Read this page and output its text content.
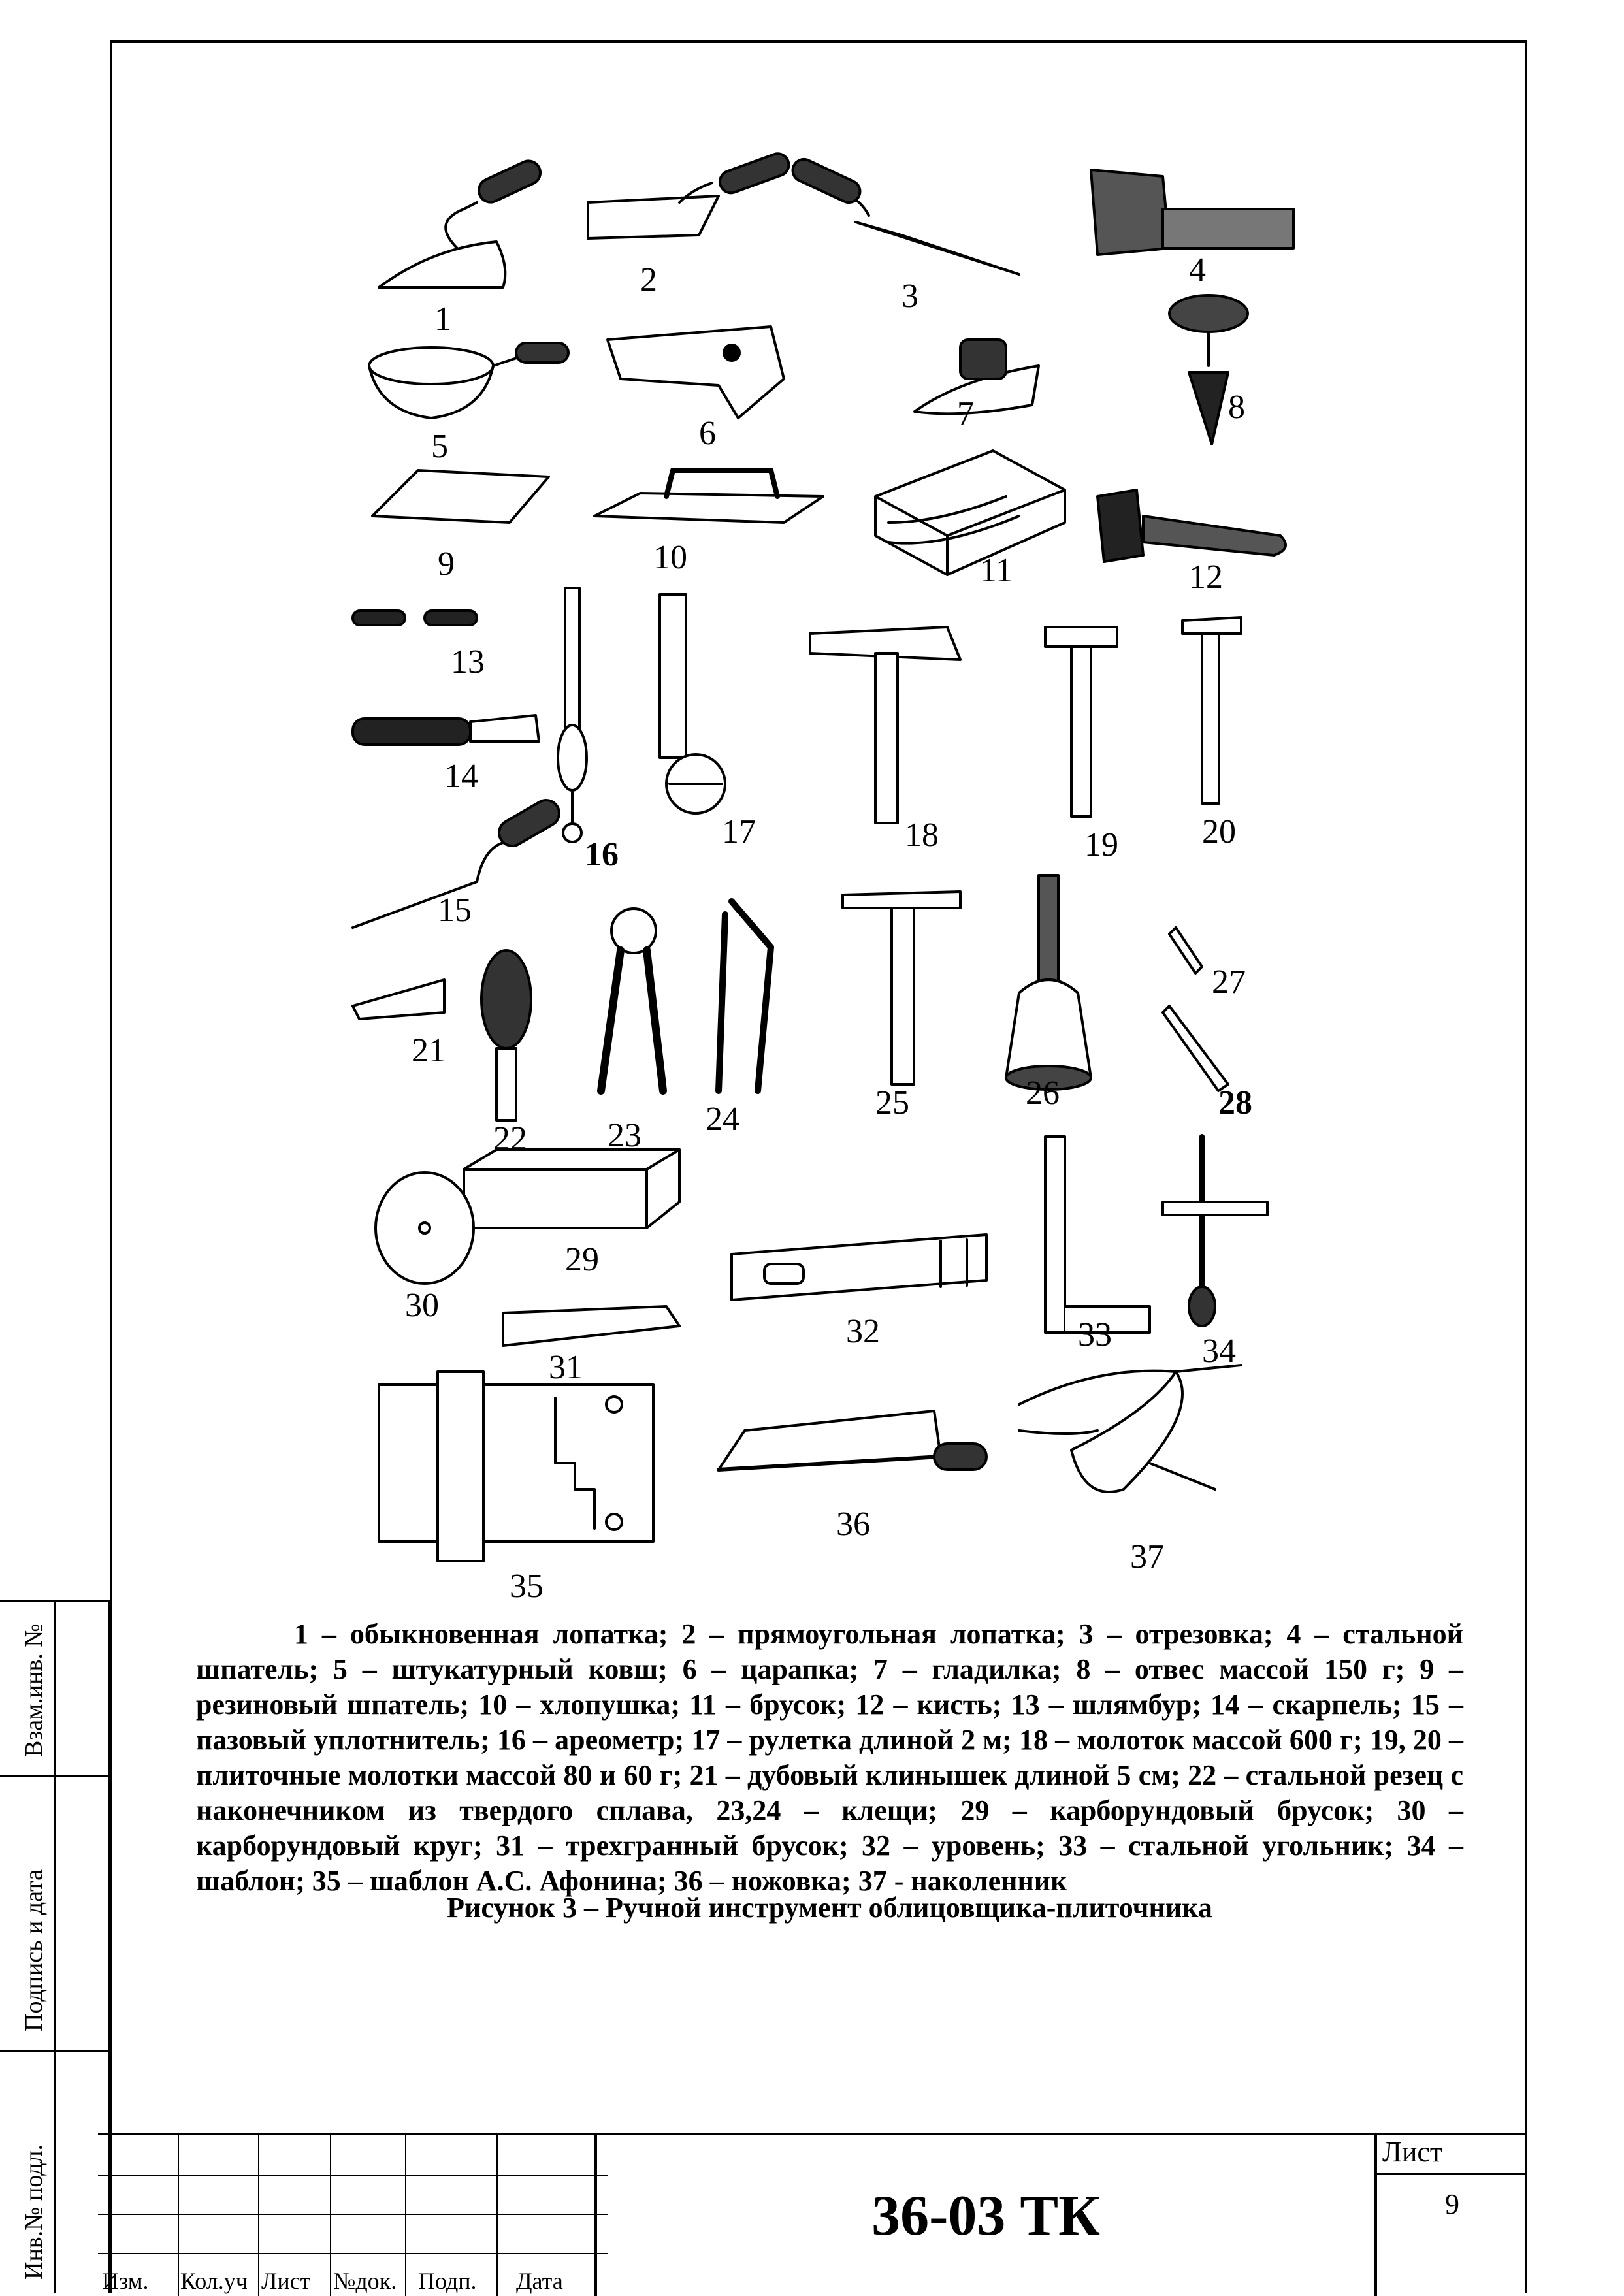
1
2	3
4
5	6
7	8
9	10	11	12
13
14
15
16
17	18	19 20
21
22 23 24	25	26
27
28
29
30
31
32	33	34
35
36
37
1 – обыкновенная лопатка; 2 – прямоугольная лопатка; 3 – отрезовка; 4 – стальной шпатель; 5 – штукатурный ковш; 6 – царапка; 7 – гладилка; 8 – отвес массой 150 г; 9 – резиновый шпатель; 10 – хлопушка; 11 – брусок; 12 – кисть; 13 – шлямбур; 14 – скарпель; 15 – пазовый уплотнитель; 16 – ареометр; 17 – рулетка длиной 2 м; 18 – молоток массой 600 г; 19, 20 – плиточные молотки массой 80 и 60 г; 21 – дубовый клинышек длиной 5 см; 22 – стальной резец с наконечником из твердого сплава, 23,24 – клещи; 29 – карборундовый брусок; 30 – карборундовый круг; 31 – трехгранный брусок; 32 – уровень; 33 – стальной угольник; 34 – шаблон; 35 – шаблон А.С. Афонина; 36 – ножовка; 37 - наколенник
Рисунок 3 – Ручной инструмент облицовщика-плиточника
Взам.инв. №
Подпись и дата
Инв.№ подл.
Изм. Кол.уч Лист №док. Подп. Дата
36-03 ТК
Лист
9
